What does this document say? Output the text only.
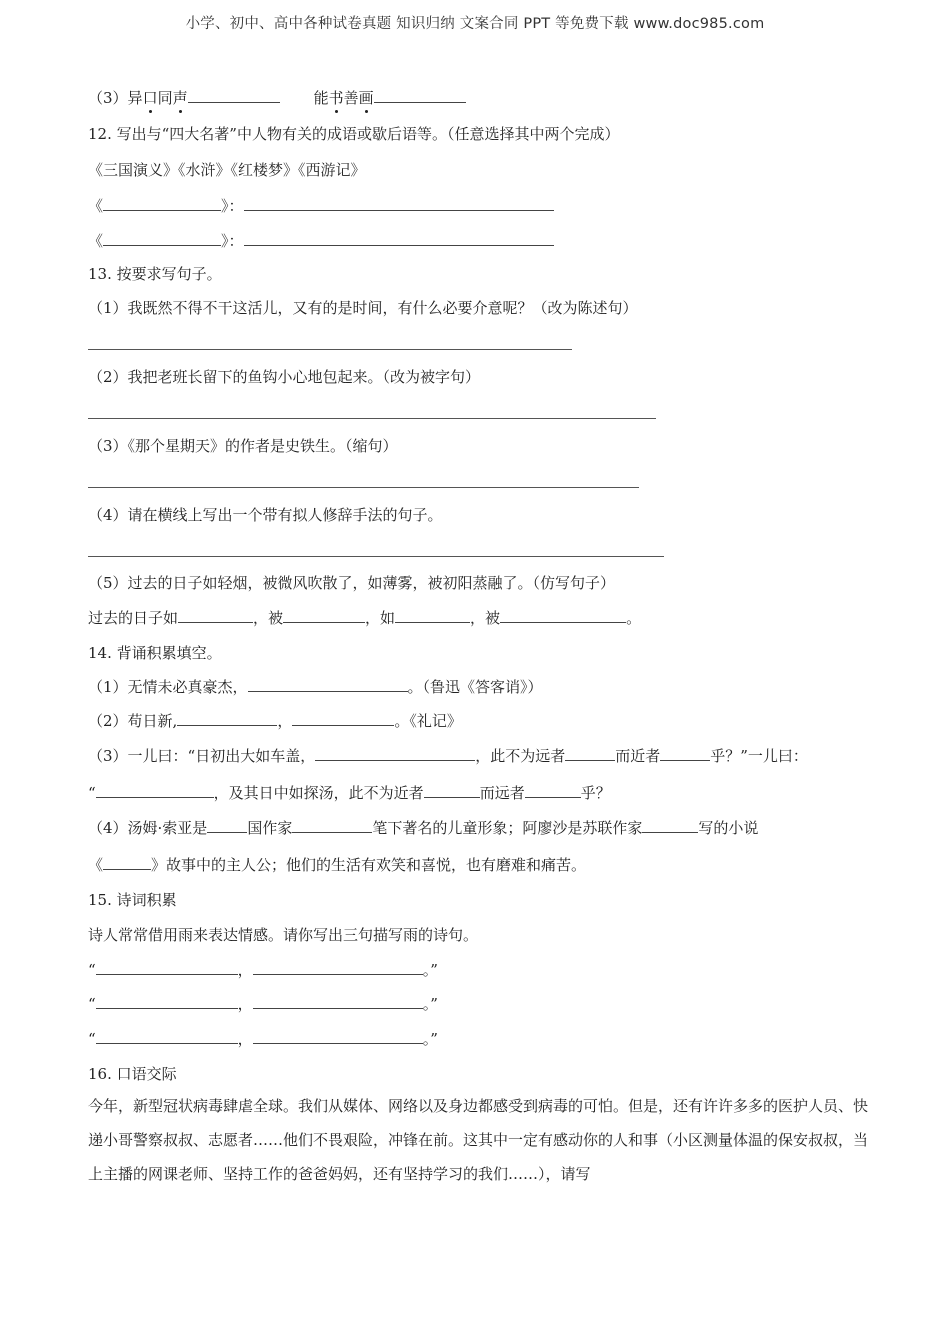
小学、初中、高中各种试卷真题 知识归纳 文案合同 PPT 等免费下载 www.doc985.com
（3）异口同声	能书善画
12. 写出与“四大名著”中人物有关的成语或歇后语等。（任意选择其中两个完成）
《三国演义》《水浒》《红楼梦》《西游记》
《	》：
《	》：
13. 按要求写句子。
（1）我既然不得不干这活儿，又有的是时间，有什么必要介意呢？（改为陈述句）
（2）我把老班长留下的鱼钩小心地包起来。（改为被字句）
（3）《那个星期天》的作者是史铁生。（缩句）
（4）请在横线上写出一个带有拟人修辞手法的句子。
（5）过去的日子如轻烟，被微风吹散了，如薄雾，被初阳蒸融了。（仿写句子）
过去的日子如	，被	，如	，被	。
14. 背诵积累填空。
（1）无情未必真豪杰，	。（鲁迅《答客诮》）
（2）苟日新,	，	。《礼记》
（3）一儿曰：“日初出大如车盖，	，此不为远者	而近者	乎？”一儿曰：
“	，及其日中如探汤，此不为近者	而远者	乎？
（4）汤姆·索亚是	国作家	笔下著名的儿童形象；阿廖沙是苏联作家	写的小说
《	》故事中的主人公；他们的生活有欢笑和喜悦，也有磨难和痛苦。
15. 诗词积累
诗人常常借用雨来表达情感。请你写出三句描写雨的诗句。
“	，	。”
“	，	。”
“	，	。”
16. 口语交际
今年，新型冠状病毒肆虐全球。我们从媒体、网络以及身边都感受到病毒的可怕。但是，还有许许多多的医护人员、快递小哥警察叔叔、志愿者……他们不畏艰险，冲锋在前。这其中一定有感动你的人和事（小区测量体温的保安叔叔，当上主播的网课老师、坚持工作的爸爸妈妈，还有坚持学习的我们……），请写
